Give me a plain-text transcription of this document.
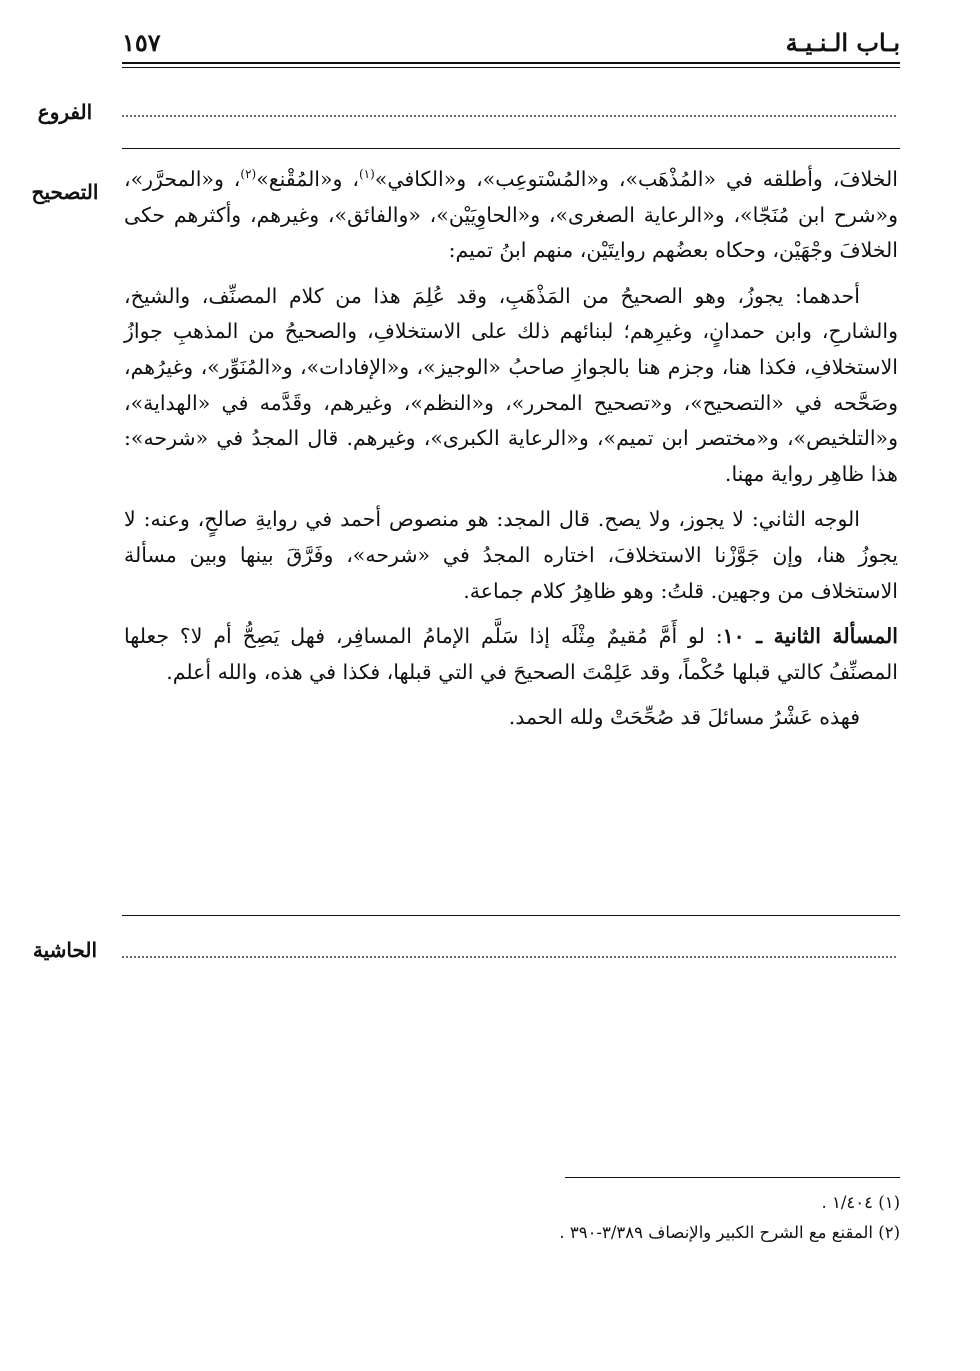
بـاب الـنـيـة
١٥٧
الفروع
التصحيح

الخلافَ، وأطلقه في «المُذْهَب»، و«المُسْتوعِب»، و«الكافي»$^{(١)}$، و«المُقْنع»$^{(٢)}$، و«المحرَّر»، و«شرح ابن مُنَجّا»، و«الرعاية الصغرى»، و«الحاوِيَيْن»، «والفائق»، وغيرهم، وأكثرهم حكى الخلافَ وجْهَيْن، وحكاه بعضُهم روايتَيْن، منهم ابنُ تميم:

أحدهما: يجوزُ، وهو الصحيحُ من المَذْهَبِ، وقد عُلِمَ هذا من كلام المصنِّف، والشيخ، والشارحِ، وابن حمدانٍ، وغيرِهم؛ لبنائهم ذلك على الاستخلافِ، والصحيحُ من المذهبِ جوازُ الاستخلافِ، فكذا هنا، وجزم هنا بالجوازِ صاحبُ «الوجيز»، و«الإفادات»، و«المُنَوِّر»، وغيرُهم، وصَحَّحه في «التصحيح»، و«تصحيح المحرر»، و«النظم»، وغيرهم، وقَدَّمه في «الهداية»، و«التلخيص»، و«مختصر ابن تميم»، و«الرعاية الكبرى»، وغيرهم. قال المجدُ في «شرحه»: هذا ظاهِر رواية مهنا.

الوجه الثاني: لا يجوز، ولا يصح. قال المجد: هو منصوص أحمد في روايةِ صالحٍ، وعنه: لا يجوزُ هنا، وإن جَوَّزْنا الاستخلافَ، اختاره المجدُ في «شرحه»، وفَرَّقَ بينها وبين مسألة الاستخلاف من وجهين. قلتُ: وهو ظاهِرُ كلام جماعة.

المسألة الثانية ـ ١٠: لو أَمَّ مُقيمٌ مِثْلَه إذا سَلَّم الإمامُ المسافِر، فهل يَصِحُّ أم لا؟ جعلها المصنِّفُ كالتي قبلها حُكْماً، وقد عَلِمْتَ الصحيحَ في التي قبلها، فكذا في هذه، والله أعلم.

فهذه عَشْرُ مسائلَ قد صُحِّحَتْ ولله الحمد.

الحاشية
(١) ١/٤٠٤ .
(٢) المقنع مع الشرح الكبير والإنصاف ٣/٣٨٩-٣٩٠ .
